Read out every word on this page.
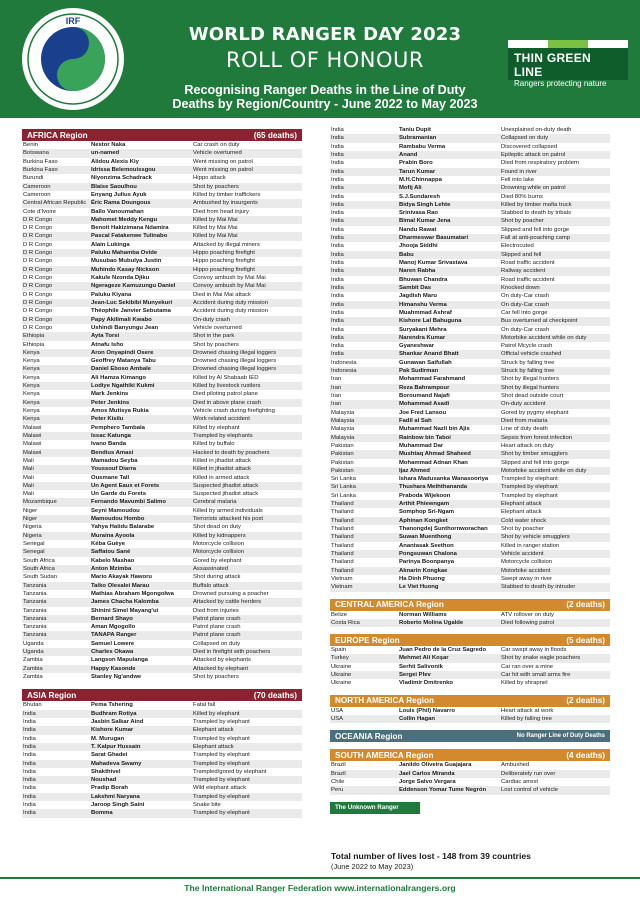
IRF
WORLD RANGER DAY 2023
ROLL OF HONOUR
Recognising Ranger Deaths in the Line of Duty
Deaths by Region/Country - June 2022 to May 2023
THIN GREEN LINE
Rangers protecting nature
AFRICA Region	(65 deaths)
Benin	Nestor Naka	Car crash on duty
Botswana	un-named	Vehicle overturned
Burkina Faso	Alidou Alexis Kiy	Went missing on patrol
Burkina Faso	Idrissa Belemouissgou	Went missing on patrol
Burundi	Niyonzima Schadrack	Hippo attack
Cameroon	Blaise Saoulhou	Shot by poachers
Cameroon	Enyang Julius Ayuk	Killed by timber traffickers
Central African Republic	Éric Rama Doungous	Ambushed by insurgents
Cote d'Ivoire	Ballo Vanoumahan	Died from head injury
D R Congo	Mahomet Meddy Kengu	Killed by Mai Mai
D R Congo	Benoit Hakizimana Ndamira	Killed by Mai Mai
D R Congo	Pascal Fatakenwe Tulinabo	Killed by Mai Mai
D R Congo	Alain Lukinga	Attacked by illegal miners
D R Congo	Paluku Mahamba Ovide	Hippo poaching firefight
D R Congo	Musubao Mubulya Justin	Hippo poaching firefight
D R Congo	Muhindo Kasay Nickson	Hippo poaching firefight
D R Congo	Kakule Nzonda Djiku	Convoy ambush by Mai Mai
D R Congo	Ngerageze Kamuzungu Daniel	Convoy ambush by Mai Mai
D R Congo	Paluku Kiyana	Died in Mai Mai attack
D R Congo	Jean-Luc Sekibibi Munyekuri	Accident during duty mission
D R Congo	Théophile Janvier Sebutama	Accident during duty mission
D R Congo	Papy Akilimali Kwabo	On-duty crash
D R Congo	Ushindi Banyungu Jean	Vehicle overturned
Ethiopia	Ayta Torsi	Shot in the park
Ethiopia	Atnafu Isho	Shot by poachers
Kenya	Aron Onyapindi Osere	Drowned chasing illegal loggers
Kenya	Geoffrey Matanya Tabu	Drowned chasing illegal loggers
Kenya	Daniel Eboso Ambale	Drowned chasing illegal loggers
Kenya	Ali Hamza Kimango	Killed by Al Shabaab IED
Kenya	Lodiye Ngathiki Kukmi	Killed by livestock rustlers
Kenya	Mark Jenkins	Died piloting patrol plane
Kenya	Peter Jenkins	Died in above plane crash
Kenya	Amos Mutisya Rukia	Vehicle crash during firefighting
Kenya	Peter Kisilu	Work related accident
Malawi	Pemphero Tambala	Killed by elephant
Malawi	Issac Katunga	Trampled by elephants
Malawi	Ivano Banda	Killed by buffalo
Malawi	Bendius Amasi	Hacked to death by poachers
Mali	Mamadou Seyba	Killed in jihadist attack
Mali	Youssouf Diarra	Killed in jihadist attack
Mali	Ousmane Tall	Killed in armed attack
Mali	Un Agent Eaux et Forets	Suspected jihadist attack
Mali	Un Garde du Forets	Suspected jihadist attack
Mozambique	Fernando Mavumbi Salimo	Cerebral malaria
Niger	Seyni Mamoudou	Killed by armed individuals
Niger	Mamoudou Hombo	Terrorists attacked his post
Nigeria	Yahya Halidu Balarabe	Shot dead on duty
Nigeria	Muraina Ayoola	Killed by kidnappers
Senegal	Kéba Guèye	Motorcycle collision
Senegal	Saffatou Sané	Motorcycle collision
South Africa	Kabelo Mashao	Gored by elephant
South Africa	Anton Mzimba	Assassinated
South Sudan	Mario Akayak Haworu	Shot during attack
Tanzania	Taiko Olesalei Marau	Buffalo attack
Tanzania	Mathias Abraham Mgongolwa	Drowned pursuing a poacher
Tanzania	James Chacha Kalomba	Attacked by cattle herders
Tanzania	Shinini Simel Mayang'ui	Died from injuries
Tanzania	Bernard Shayo	Patrol plane crash
Tanzania	Aman Mgogollo	Patrol plane crash
Tanzania	TANAPA Ranger	Patrol plane crash
Uganda	Samuel Lowere	Collapsed on duty
Uganda	Charles Okawa	Died in firefight with poachers
Zambia	Langson Mapulanga	Attacked by elephants
Zambia	Happy Kasonde	Attacked by elephant
Zambia	Stanley Ng'andwe	Shot by poachers
ASIA Region	(70 deaths)
Bhutan	Pema Tshering	Fatal fall
India	Budhram Rotiya	Killed by elephant
India	Jasbin Salkar Aind	Trampled by elephant
India	Kishore Kumar	Elephant attack
India	M. Murugan	Trampled by elephant
India	T. Kalpur Hussain	Elephant attack
India	Sarat Ghadei	Trampled by elephant
India	Mahadeva Swamy	Trampled by elephant
India	Shakthivel	Trampled/gored by elephant
India	Noushad	Trampled by elephant
India	Pradip Borah	Wild elephant attack
India	Lakshmi Naryana	Trampled by elephant
India	Jaroop Singh Saini	Snake bite
India	Bomma	Trampled by elephant
India	Taniu Dupit	Unexplained on-duty death
India	Subramanian	Collapsed on duty
India	Rambabu Verma	Discovered collapsed
India	Anand	Epileptic attack on patrol
India	Prabin Boro	Died from respiratory problem
India	Tarun Kumar	Found in river
India	M.H.Chinnappa	Fell into lake
India	Mofij Ali	Drowning while on patrol
India	S.J.Sundaresh	Died 80% burns
India	Bidya Singh Lehte	Killed by timber mafia truck
India	Srinivasa Rao	Stabbed to death by tribals
India	Bimal Kumar Jena	Shot by poacher
India	Nandu Rawat	Slipped and fell into gorge
India	Dharmeswar Basumatari	Fall at anti-poaching camp
India	Jhooja Siddhi	Electrocuted
India	Babu	Slipped and fell
India	Manoj Kumar Srivastava	Road traffic accident
India	Naren Rabha	Railway accident
India	Bhuwan Chandra	Road traffic accident
India	Sambit Das	Knocked down
India	Jagdish Maru	On duty-Car crash
India	Himanshu Verma	On duty-Car crash
India	Muahmmad Ashraf	Car fell into gorge
India	Kishore Lal Bahuguna	Bus overturned at checkpoint
India	Suryakant Mehra	On duty-Car crash
India	Narendra Kumar	Motorbike accident while on duty
India	Gyaneshwar	Patrol Mcycle crash
India	Shankar Anand Bhatt	Official vehicle crashed
Indonesia	Gunawan Saifullah	Struck by falling tree
Indonesia	Pak Sudirman	Struck by falling tree
Iran	Mohammad Farahmand	Shot by illegal hunters
Iran	Reza Bahrampour	Shot by illegal hunters
Iran	Boroumand Najafi	Shot dead outside court
Iran	Mohammad Asadi	On-duty accident
Malaysia	Joe Fred Lansou	Gored by pygmy elephant
Malaysia	Fadil al Sah	Died from malaria
Malaysia	Muhammad Nazli bin Ajis	Line of duty death
Malaysia	Rainbow bin Taboi	Sepsis from forest infection
Pakistan	Muhammad Dar	Heart attack on duty
Pakistan	Mushtaq Ahmad Shaheed	Shot by timber smugglers
Pakistan	Mohammad Adnan Khan	Slipped and fell into gorge
Pakistan	Ijaz Ahmed	Motorbike accident while on duty
Sri Lanka	Ishara Madusanka Wanasooriya	Trampled by elephant
Sri Lanka	Thushara Meththananda	Trampled by elephant
Sri Lanka	Praboda Wijekoon	Trampled by elephant
Thailand	Arthit Phiewngam	Elephant attack
Thailand	Somphop Sri-Ngam	Elephant attack
Thailand	Aphinan Kongket	Cold water shock
Thailand	Thanongdej Sunthornworachan	Shot by poacher
Thailand	Suwan Muenthong	Shot by vehicle smugglers
Thailand	Anantasak Seethon	Killed in ranger station
Thailand	Pongsuwan Chalona	Vehicle accident
Thailand	Parinya Boonpanya	Motorcycle collision
Thailand	Aknarin Kongkae	Motorbike accident
Vietnam	Ha Dinh Phuong	Swept away in river
Vietnam	Le Viet Huong	Stabbed to death by intruder
CENTRAL AMERICA Region	(2 deaths)
Belize	Norman Williams	ATV rollover on duty
Costa Rica	Roberto Molina Ugalde	Died following patrol
EUROPE Region	(5 deaths)
Spain	Juan Pedro de la Cruz Sagredo	Car swept away in floods
Turkey	Mehmet Ali Koşar	Shot by snake eagle poachers
Ukraine	Serhii Salivonik	Car ran over a mine
Ukraine	Sergei Plev	Car hit with small arms fire
Ukraine	Vladimir Dmitrenko	Killed by shrapnel
NORTH AMERICA Region	(2 deaths)
USA	Louis (Phil) Navarro	Heart attack at work
USA	Collin Hagan	Killed by falling tree
OCEANIA Region	No Ranger Line of Duty Deaths
SOUTH AMERICA Region	(4 deaths)
Brazil	Janildo Oliveira Guajajara	Ambushed
Brazil	Jael Carlos Miranda	Deliberately run over
Chile	Jorge Salvo Vergara	Cardiac arrest
Peru	Eddenson Yomar Tume Negrón	Lost control of vehicle
The Unknown Ranger
Total number of lives lost - 148 from 39 countries
(June 2022 to May 2023)
The International Ranger Federation www.internationalrangers.org
